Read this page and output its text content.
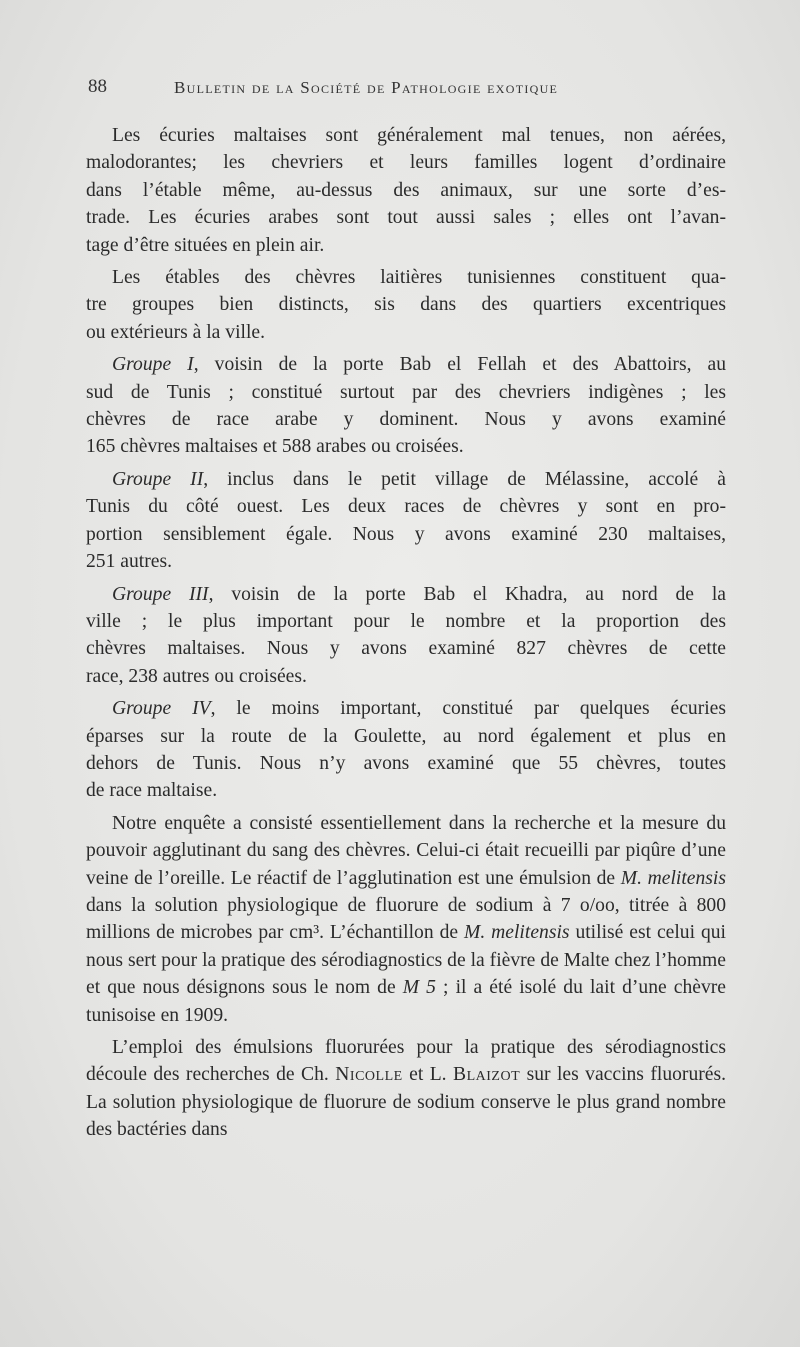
88	Bulletin de la Société de Pathologie exotique
Les écuries maltaises sont généralement mal tenues, non aérées,
malodorantes; les chevriers et leurs familles logent d’ordinaire
dans l’étable même, au-dessus des animaux, sur une sorte d’es-
trade. Les écuries arabes sont tout aussi sales ; elles ont l’avan-
tage d’être situées en plein air.
Les étables des chèvres laitières tunisiennes constituent qua-
tre groupes bien distincts, sis dans des quartiers excentriques
ou extérieurs à la ville.
Groupe I, voisin de la porte Bab el Fellah et des Abattoirs, au
sud de Tunis ; constitué surtout par des chevriers indigènes ; les
chèvres de race arabe y dominent. Nous y avons examiné
165 chèvres maltaises et 588 arabes ou croisées.
Groupe II, inclus dans le petit village de Mélassine, accolé à
Tunis du côté ouest. Les deux races de chèvres y sont en pro-
portion sensiblement égale. Nous y avons examiné 230 maltaises,
251 autres.
Groupe III, voisin de la porte Bab el Khadra, au nord de la
ville ; le plus important pour le nombre et la proportion des
chèvres maltaises. Nous y avons examiné 827 chèvres de cette
race, 238 autres ou croisées.
Groupe IV, le moins important, constitué par quelques écuries
éparses sur la route de la Goulette, au nord également et plus en
dehors de Tunis. Nous n’y avons examiné que 55 chèvres, toutes
de race maltaise.
Notre enquête a consisté essentiellement dans la recherche et la mesure du pouvoir agglutinant du sang des chèvres. Celui-ci était recueilli par piqûre d’une veine de l’oreille. Le réactif de l’agglutination est une émulsion de M. melitensis dans la solution physiologique de fluorure de sodium à 7 o/oo, titrée à 800 millions de microbes par cm³. L’échantillon de M. melitensis utilisé est celui qui nous sert pour la pratique des sérodiagnostics de la fièvre de Malte chez l’homme et que nous désignons sous le nom de M 5 ; il a été isolé du lait d’une chèvre tunisoise en 1909.
L’emploi des émulsions fluorurées pour la pratique des sérodiagnostics découle des recherches de Ch. Nicolle et L. Blaizot sur les vaccins fluorurés. La solution physiologique de fluorure de sodium conserve le plus grand nombre des bactéries dans
